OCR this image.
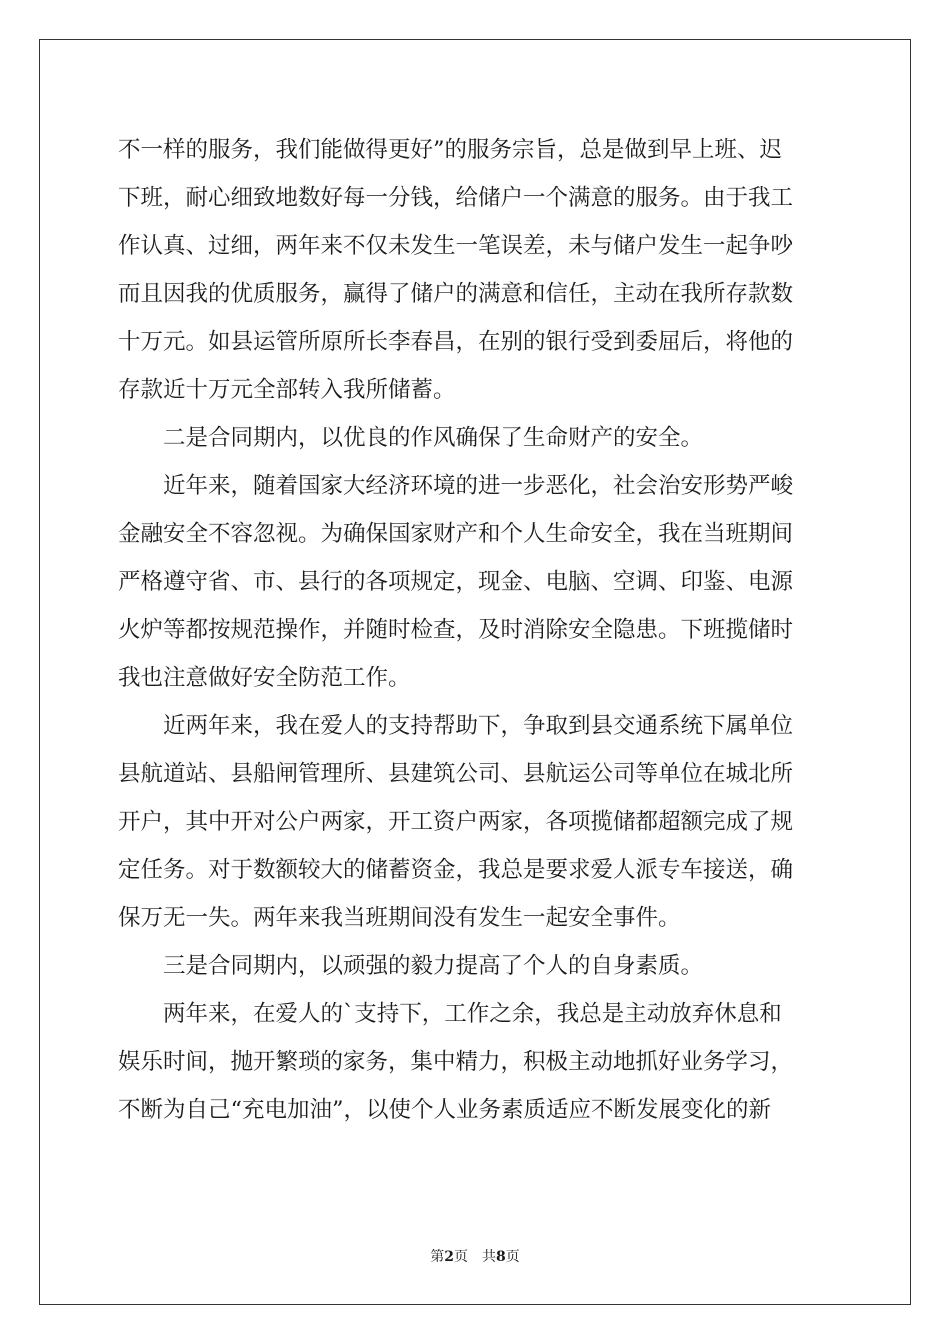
不一样的服务，我们能做得更好”的服务宗旨，总是做到早上班、迟

下班，耐心细致地数好每一分钱，给储户一个满意的服务。由于我工

作认真、过细，两年来不仅未发生一笔误差，未与储户发生一起争吵

而且因我的优质服务，赢得了储户的满意和信任，主动在我所存款数

十万元。如县运管所原所长李春昌，在别的银行受到委屈后，将他的

存款近十万元全部转入我所储蓄。

　　二是合同期内，以优良的作风确保了生命财产的安全。

　　近年来，随着国家大经济环境的进一步恶化，社会治安形势严峻

金融安全不容忽视。为确保国家财产和个人生命安全，我在当班期间

严格遵守省、市、县行的各项规定，现金、电脑、空调、印鉴、电源

火炉等都按规范操作，并随时检查，及时消除安全隐患。下班揽储时

我也注意做好安全防范工作。

　　近两年来，我在爱人的支持帮助下，争取到县交通系统下属单位

县航道站、县船闸管理所、县建筑公司、县航运公司等单位在城北所

开户，其中开对公户两家，开工资户两家，各项揽储都超额完成了规

定任务。对于数额较大的储蓄资金，我总是要求爱人派专车接送，确

保万无一失。两年来我当班期间没有发生一起安全事件。

　　三是合同期内，以顽强的毅力提高了个人的自身素质。

　　两年来，在爱人的`支持下，工作之余，我总是主动放弃休息和

娱乐时间，抛开繁琐的家务，集中精力，积极主动地抓好业务学习，

不断为自己“充电加油”，以使个人业务素质适应不断发展变化的新

第2页 共8页
